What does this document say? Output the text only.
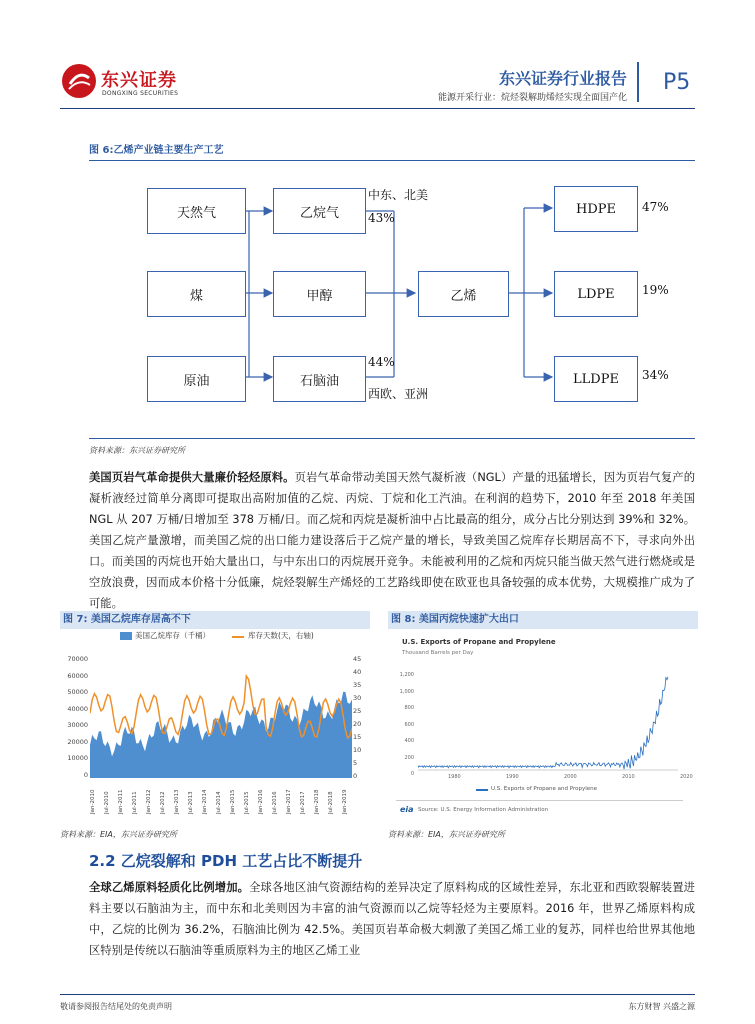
东兴证券
DONGXING SECURITIES
东兴证券行业报告
能源开采行业：烷烃裂解助烯烃实现全面国产化
P5
图 6:乙烯产业链主要生产工艺
天然气
煤
原油
乙烷气
甲醇
石脑油
乙烯
HDPE
LDPE
LLDPE
中东、北美
43%
44%
西欧、亚洲
47%
19%
34%
资料来源：东兴证券研究所
美国页岩气革命提供大量廉价轻烃原料。页岩气革命带动美国天然气凝析液（NGL）产量的迅猛增长，因为页岩气复产的凝析液经过简单分离即可提取出高附加值的乙烷、丙烷、丁烷和化工汽油。在利润的趋势下，2010 年至 2018 年美国 NGL 从 207 万桶/日增加至 378 万桶/日。而乙烷和丙烷是凝析油中占比最高的组分，成分占比分别达到 39%和 32%。美国乙烷产量激增，而美国乙烷的出口能力建设落后于乙烷产量的增长，导致美国乙烷库存长期居高不下，寻求向外出口。而美国的丙烷也开始大量出口，与中东出口的丙烷展开竞争。未能被利用的乙烷和丙烷只能当做天然气进行燃烧或是空放浪费，因而成本价格十分低廉，烷烃裂解生产烯烃的工艺路线即使在欧亚也具备较强的成本优势，大规模推广成为了可能。
图 7: 美国乙烷库存居高不下
美国乙烷库存（千桶）	库存天数(天，右轴)
70000
60000
50000
40000
30000
20000
10000
0
45
40
35
30
25
20
15
10
5
0
Jan-2010 Jul-2010 Jan-2011 Jul-2011 Jan-2012 Jul-2012 Jan-2013 Jul-2013 Jan-2014 Jul-2014 Jan-2015 Jul-2015 Jan-2016 Jul-2016 Jan-2017 Jul-2017 Jan-2018 Jul-2018 Jan-2019
资料来源：EIA，东兴证券研究所
图 8: 美国丙烷快速扩大出口
U.S. Exports of Propane and Propylene
Thousand Barrels per Day
1,200
1,000
800
600
400
200
0	1980	1990	2000	2010	2020
U.S. Exports of Propane and Propylene
eia Source: U.S. Energy Information Administration
资料来源：EIA，东兴证券研究所
2.2 乙烷裂解和 PDH 工艺占比不断提升
全球乙烯原料轻质化比例增加。全球各地区油气资源结构的差异决定了原料构成的区域性差异，东北亚和西欧裂解装置进料主要以石脑油为主，而中东和北美则因为丰富的油气资源而以乙烷等轻烃为主要原料。2016 年，世界乙烯原料构成中，乙烷的比例为 36.2%，石脑油比例为 42.5%。美国页岩革命极大刺激了美国乙烯工业的复苏，同样也给世界其他地区特别是传统以石脑油等重质原料为主的地区乙烯工业
敬请参阅报告结尾处的免责声明	东方财智 兴盛之源
